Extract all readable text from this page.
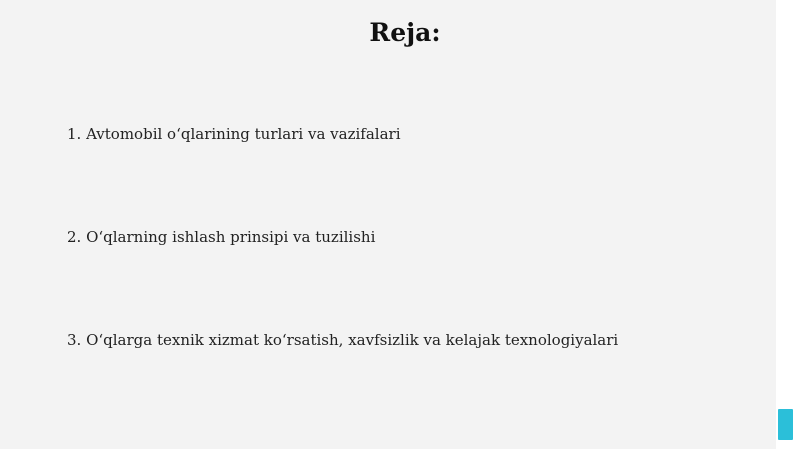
Reja:
1. Avtomobil o‘qlarining turlari va vazifalari
2. O‘qlarning ishlash prinsipi va tuzilishi
3. O‘qlarga texnik xizmat ko‘rsatish, xavfsizlik va kelajak texnologiyalari
